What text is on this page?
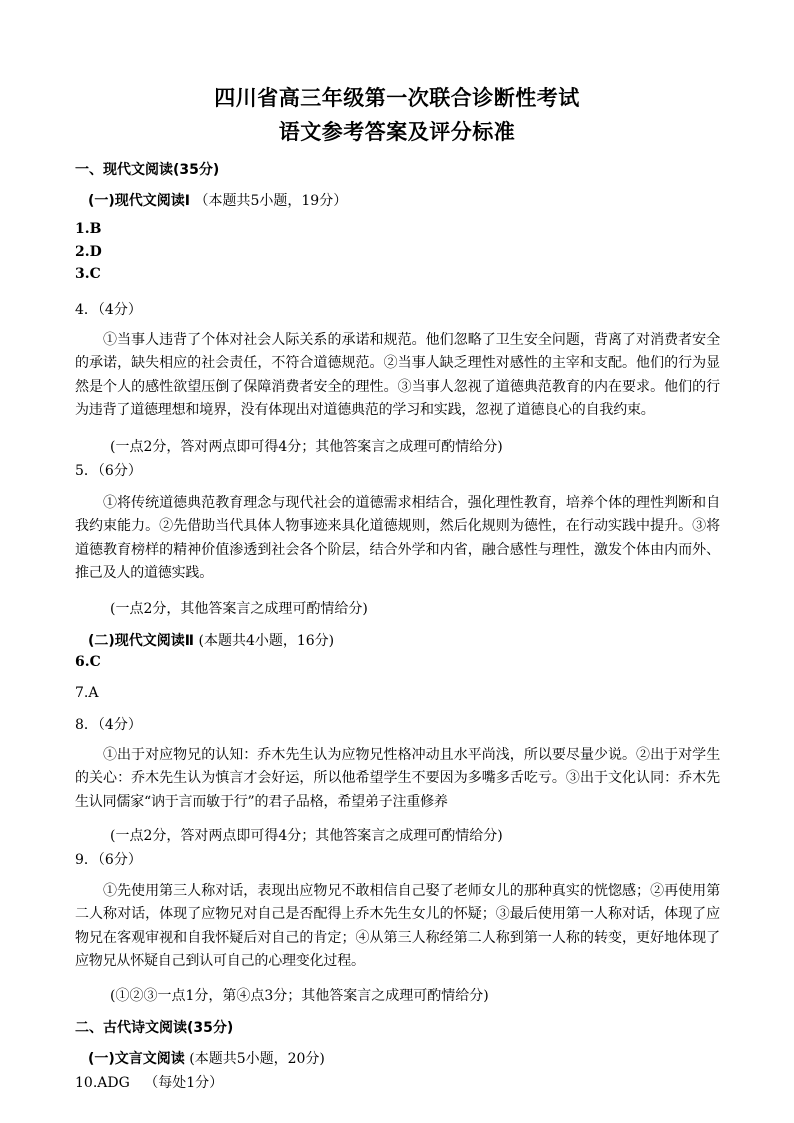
四川省高三年级第一次联合诊断性考试
语文参考答案及评分标准
一、现代文阅读(35分)
(一)现代文阅读Ⅰ （本题共5小题，19分）
1.B
2.D
3.C
4．（4分）
①当事人违背了个体对社会人际关系的承诺和规范。他们忽略了卫生安全问题，背离了对消费者安全的承诺，缺失相应的社会责任，不符合道德规范。②当事人缺乏理性对感性的主宰和支配。他们的行为显然是个人的感性欲望压倒了保障消费者安全的理性。③当事人忽视了道德典范教育的内在要求。他们的行为违背了道德理想和境界，没有体现出对道德典范的学习和实践，忽视了道德良心的自我约束。
(一点2分，答对两点即可得4分；其他答案言之成理可酌情给分)
5．（6分）
①将传统道德典范教育理念与现代社会的道德需求相结合，强化理性教育，培养个体的理性判断和自我约束能力。②先借助当代具体人物事迹来具化道德规则，然后化规则为德性，在行动实践中提升。③将道德教育榜样的精神价值渗透到社会各个阶层，结合外学和内省，融合感性与理性，激发个体由内而外、推己及人的道德实践。
(一点2分，其他答案言之成理可酌情给分)
(二)现代文阅读Ⅱ (本题共4小题，16分)
6.C
7.A
8．（4分）
①出于对应物兄的认知：乔木先生认为应物兄性格冲动且水平尚浅，所以要尽量少说。②出于对学生的关心：乔木先生认为慎言才会好运，所以他希望学生不要因为多嘴多舌吃亏。③出于文化认同：乔木先生认同儒家“讷于言而敏于行”的君子品格，希望弟子注重修养
(一点2分，答对两点即可得4分；其他答案言之成理可酌情给分)
9．（6分）
①先使用第三人称对话，表现出应物兄不敢相信自己娶了老师女儿的那种真实的恍惚感；②再使用第二人称对话，体现了应物兄对自己是否配得上乔木先生女儿的怀疑；③最后使用第一人称对话，体现了应物兄在客观审视和自我怀疑后对自己的肯定；④从第三人称经第二人称到第一人称的转变，更好地体现了应物兄从怀疑自己到认可自己的心理变化过程。
(①②③一点1分，第④点3分；其他答案言之成理可酌情给分)
二、古代诗文阅读(35分)
(一)文言文阅读 (本题共5小题，20分)
10.ADG （每处1分）
